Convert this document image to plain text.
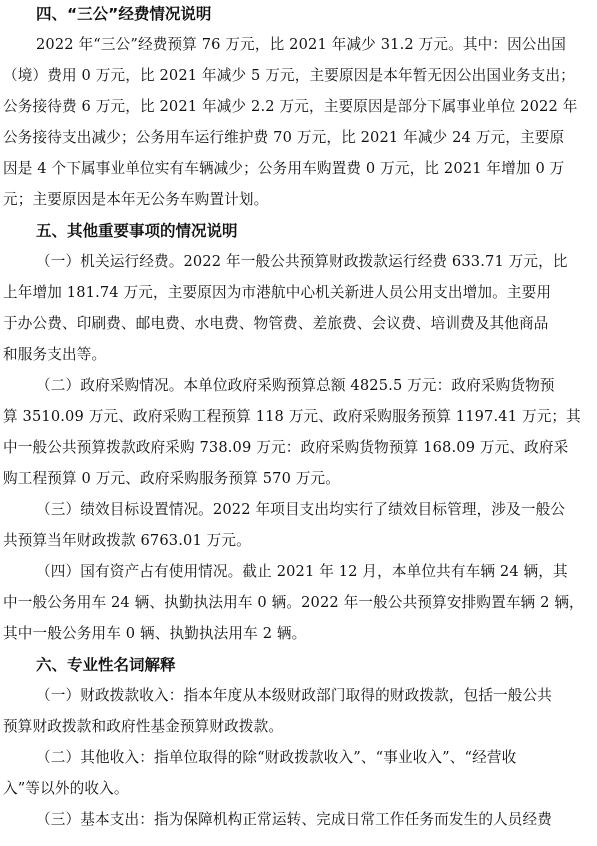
四、“三公”经费情况说明
2022 年“三公”经费预算 76 万元，比 2021 年减少 31.2 万元。其中：因公出国
（境）费用 0 万元，比 2021 年减少 5 万元，主要原因是本年暂无因公出国业务支出；
公务接待费 6 万元，比 2021 年减少 2.2 万元，主要原因是部分下属事业单位 2022 年
公务接待支出减少；公务用车运行维护费 70 万元，比 2021 年减少 24 万元，主要原
因是 4 个下属事业单位实有车辆减少；公务用车购置费 0 万元，比 2021 年增加 0 万
元；主要原因是本年无公务车购置计划。
五、其他重要事项的情况说明
（一）机关运行经费。2022 年一般公共预算财政拨款运行经费 633.71 万元，比
上年增加 181.74 万元，主要原因为市港航中心机关新进人员公用支出增加。主要用
于办公费、印刷费、邮电费、水电费、物管费、差旅费、会议费、培训费及其他商品
和服务支出等。
（二）政府采购情况。本单位政府采购预算总额 4825.5 万元：政府采购货物预
算 3510.09 万元、政府采购工程预算 118 万元、政府采购服务预算 1197.41 万元；其
中一般公共预算拨款政府采购 738.09 万元：政府采购货物预算 168.09 万元、政府采
购工程预算 0 万元、政府采购服务预算 570 万元。
（三）绩效目标设置情况。2022 年项目支出均实行了绩效目标管理，涉及一般公
共预算当年财政拨款 6763.01 万元。
（四）国有资产占有使用情况。截止 2021 年 12 月，本单位共有车辆 24 辆，其
中一般公务用车 24 辆、执勤执法用车 0 辆。2022 年一般公共预算安排购置车辆 2 辆，
其中一般公务用车 0 辆、执勤执法用车 2 辆。
六、专业性名词解释
（一）财政拨款收入：指本年度从本级财政部门取得的财政拨款，包括一般公共
预算财政拨款和政府性基金预算财政拨款。
（二）其他收入：指单位取得的除“财政拨款收入”、“事业收入”、“经营收
入”等以外的收入。
（三）基本支出：指为保障机构正常运转、完成日常工作任务而发生的人员经费
